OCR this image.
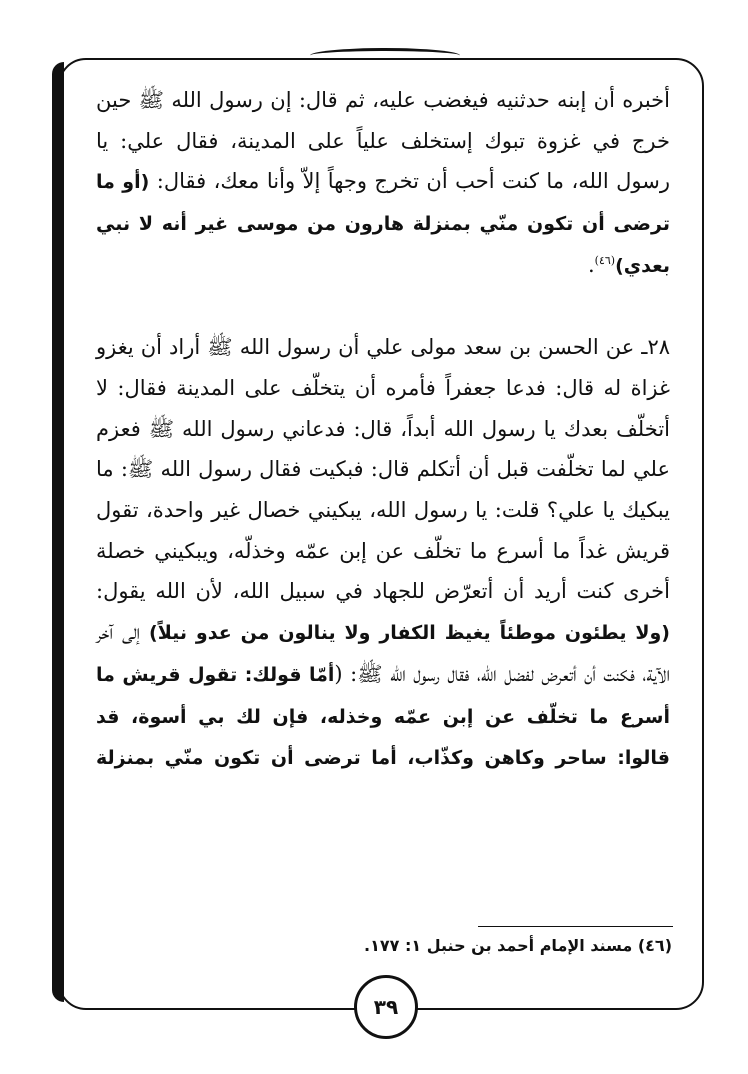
أخبره أن إبنه حدثنيه فيغضب عليه، ثم قال: إن رسول الله ﷺ حين خرج في غزوة تبوك إستخلف علياً على المدينة، فقال علي: يا رسول الله، ما كنت أحب أن تخرج وجهاً إلاّ وأنا معك، فقال: (أو ما ترضى أن تكون منّي بمنزلة هارون من موسى غير أنه لا نبي بعدي)$^{(٤٦)}$.

٢٨ـ عن الحسن بن سعد مولى علي أن رسول الله ﷺ أراد أن يغزو غزاة له قال: فدعا جعفراً فأمره أن يتخلّف على المدينة فقال: لا أتخلّف بعدك يا رسول الله أبداً، قال: فدعاني رسول الله ﷺ فعزم علي لما تخلّفت قبل أن أتكلم قال: فبكيت فقال رسول الله ﷺ: ما يبكيك يا علي؟ قلت: يا رسول الله، يبكيني خصال غير واحدة، تقول قريش غداً ما أسرع ما تخلّف عن إبن عمّه وخذلّه، ويبكيني خصلة أخرى كنت أريد أن أتعرّض للجهاد في سبيل الله، لأن الله يقول: (ولا يطئون موطئاً يغيظ الكفار ولا ينالون من عدو نيلاً) إلى آخر الآية، فكنت أن أتعرض لفضل الله، فقال رسول الله ﷺ: (أمّا قولك: تقول قريش ما أسرع ما تخلّف عن إبن عمّه وخذله، فإن لك بي أسوة، قد قالوا: ساحر وكاهن وكذّاب، أما ترضى أن تكون منّي بمنزلة

(٤٦) مسند الإمام أحمد بن حنبل ١: ١٧٧.
٣٩
